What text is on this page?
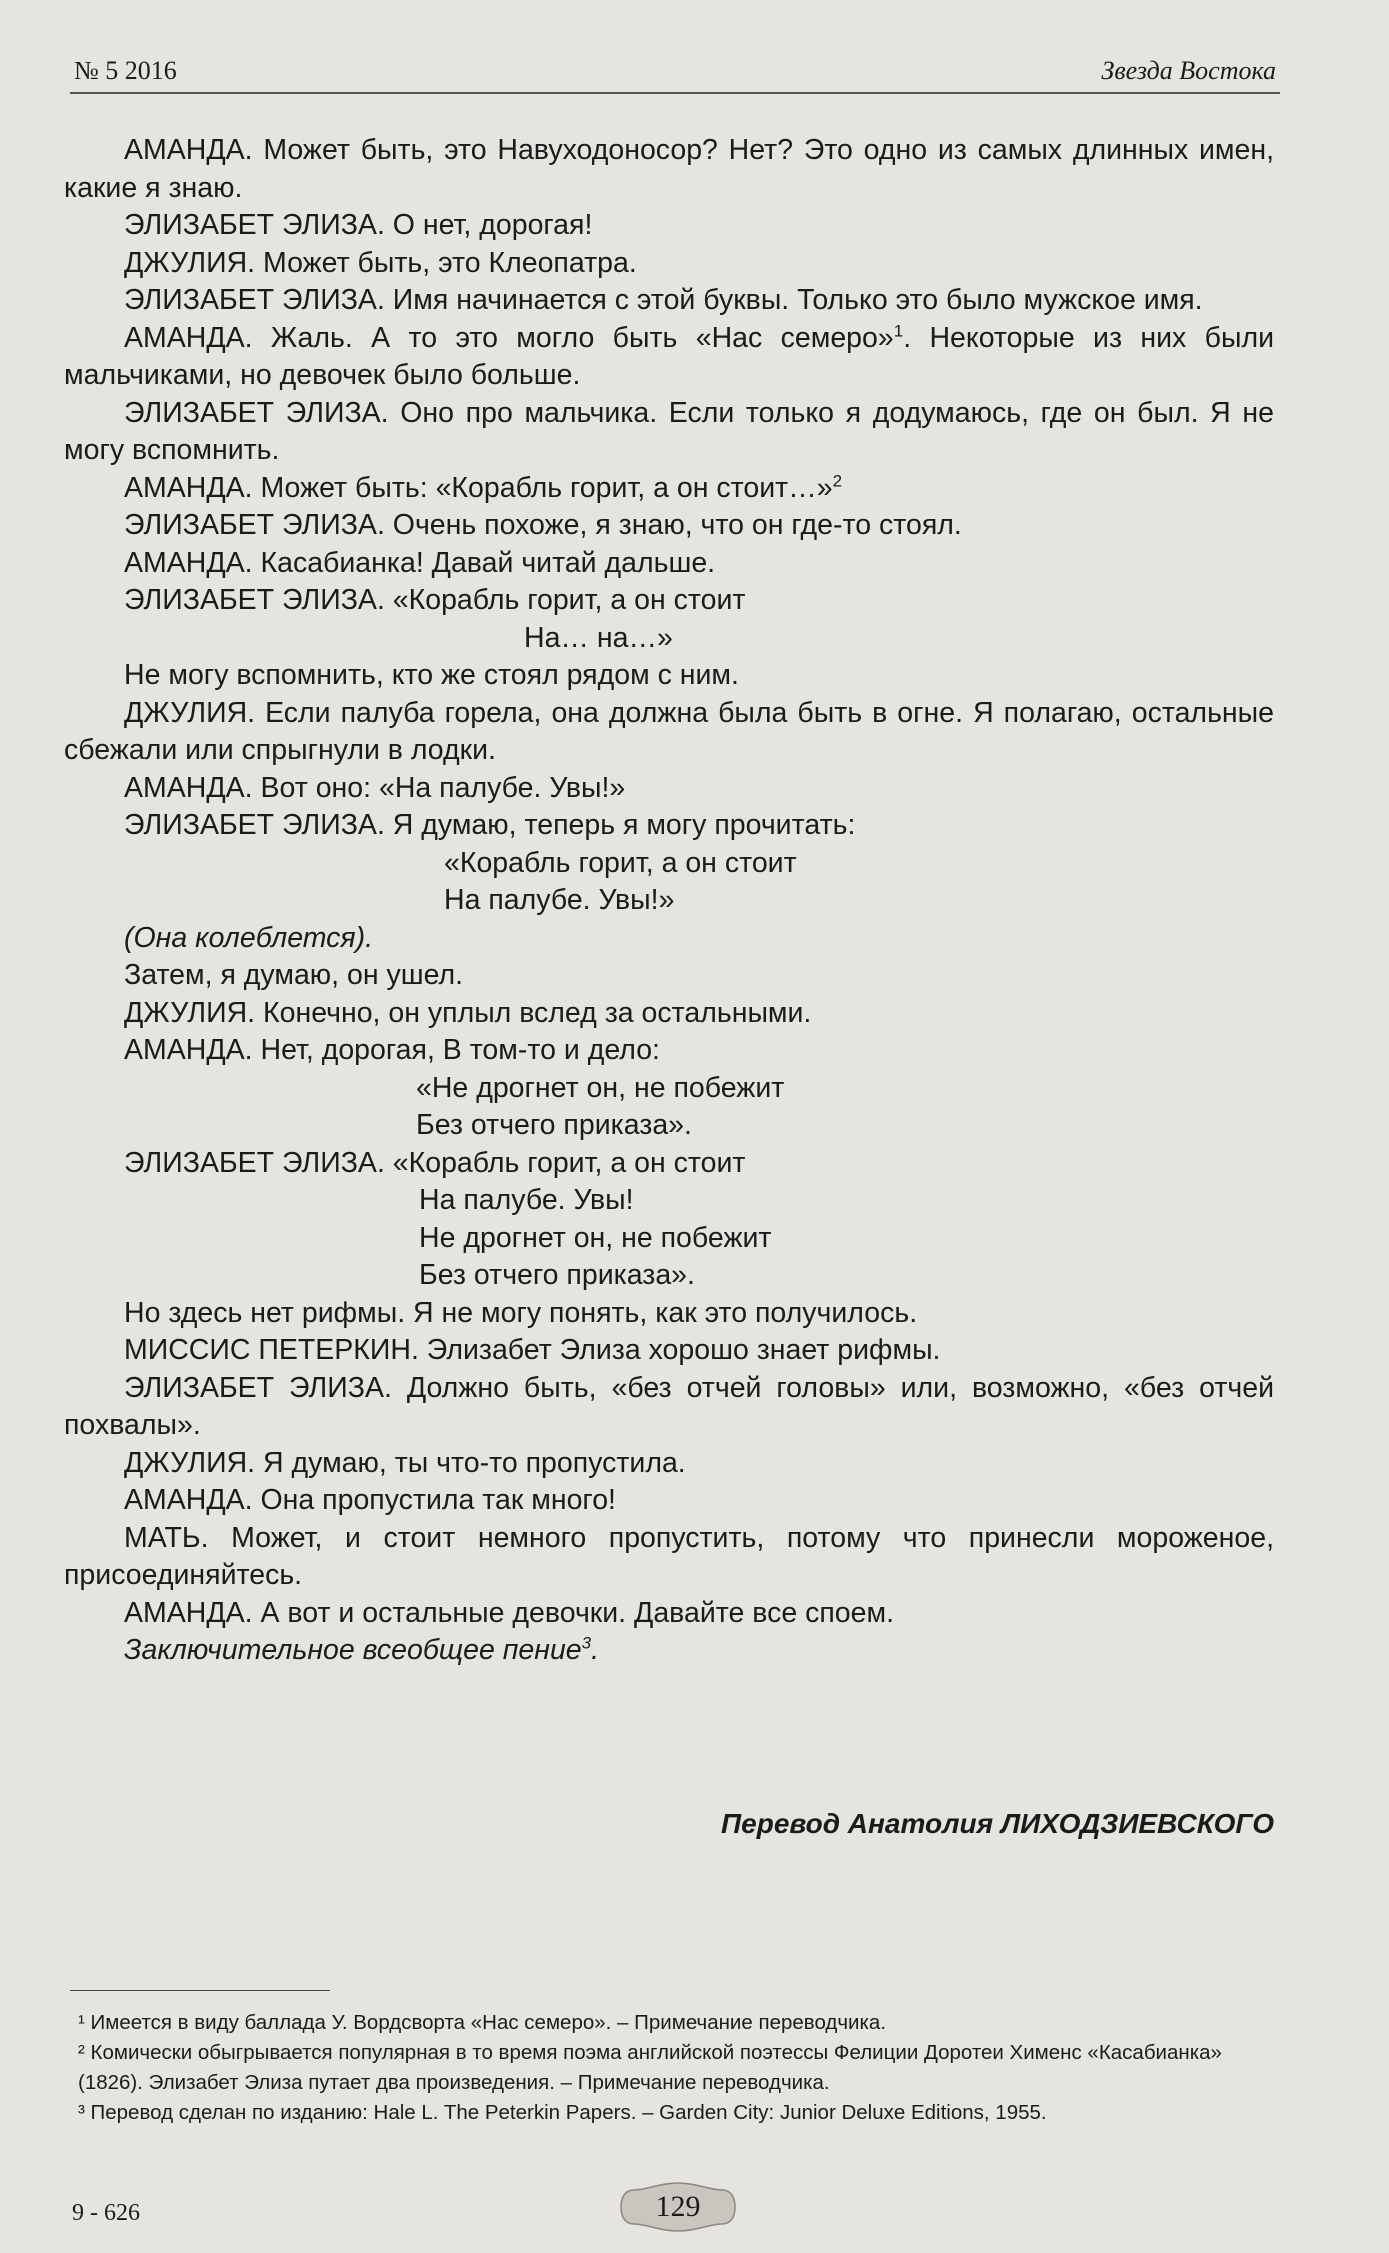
№ 5 2016	Звезда Востока

АМАНДА. Может быть, это Навуходоносор? Нет? Это одно из самых длинных имен, какие я знаю.

ЭЛИЗАБЕТ ЭЛИЗА. О нет, дорогая!

ДЖУЛИЯ. Может быть, это Клеопатра.

ЭЛИЗАБЕТ ЭЛИЗА. Имя начинается с этой буквы. Только это было мужское имя.

АМАНДА. Жаль. А то это могло быть «Нас семеро»$^1$. Некоторые из них были мальчиками, но девочек было больше.

ЭЛИЗАБЕТ ЭЛИЗА. Оно про мальчика. Если только я додумаюсь, где он был. Я не могу вспомнить.

АМАНДА. Может быть: «Корабль горит, а он стоит…»$^2$

ЭЛИЗАБЕТ ЭЛИЗА. Очень похоже, я знаю, что он где-то стоял.

АМАНДА. Касабианка! Давай читай дальше.

ЭЛИЗАБЕТ ЭЛИЗА. «Корабль горит, а он стоит

На… на…»

Не могу вспомнить, кто же стоял рядом с ним.

ДЖУЛИЯ. Если палуба горела, она должна была быть в огне. Я полагаю, остальные сбежали или спрыгнули в лодки.

АМАНДА. Вот оно: «На палубе. Увы!»

ЭЛИЗАБЕТ ЭЛИЗА. Я думаю, теперь я могу прочитать:

«Корабль горит, а он стоит

На палубе. Увы!»

(Она колеблется).

Затем, я думаю, он ушел.

ДЖУЛИЯ. Конечно, он уплыл вслед за остальными.

АМАНДА. Нет, дорогая, В том-то и дело:

«Не дрогнет он, не побежит

Без отчего приказа».

ЭЛИЗАБЕТ ЭЛИЗА. «Корабль горит, а он стоит

На палубе. Увы!

Не дрогнет он, не побежит

Без отчего приказа».

Но здесь нет рифмы. Я не могу понять, как это получилось.

МИССИС ПЕТЕРКИН. Элизабет Элиза хорошо знает рифмы.

ЭЛИЗАБЕТ ЭЛИЗА. Должно быть, «без отчей головы» или, возможно, «без отчей похвалы».

ДЖУЛИЯ. Я думаю, ты что-то пропустила.

АМАНДА. Она пропустила так много!

МАТЬ. Может, и стоит немного пропустить, потому что принесли мороженое, присоединяйтесь.

АМАНДА. А вот и остальные девочки. Давайте все споем.

Заключительное всеобщее пение$^3$.

Перевод Анатолия ЛИХОДЗИЕВСКОГО

¹ Имеется в виду баллада У. Вордсворта «Нас семеро». – Примечание переводчика.

² Комически обыгрывается популярная в то время поэма английской поэтессы Фелиции Доротеи Хименс «Касабианка» (1826). Элизабет Элиза путает два произведения. – Примечание переводчика.

³ Перевод сделан по изданию: Hale L. The Peterkin Papers. – Garden City: Junior Deluxe Editions, 1955.

9 - 626	129
